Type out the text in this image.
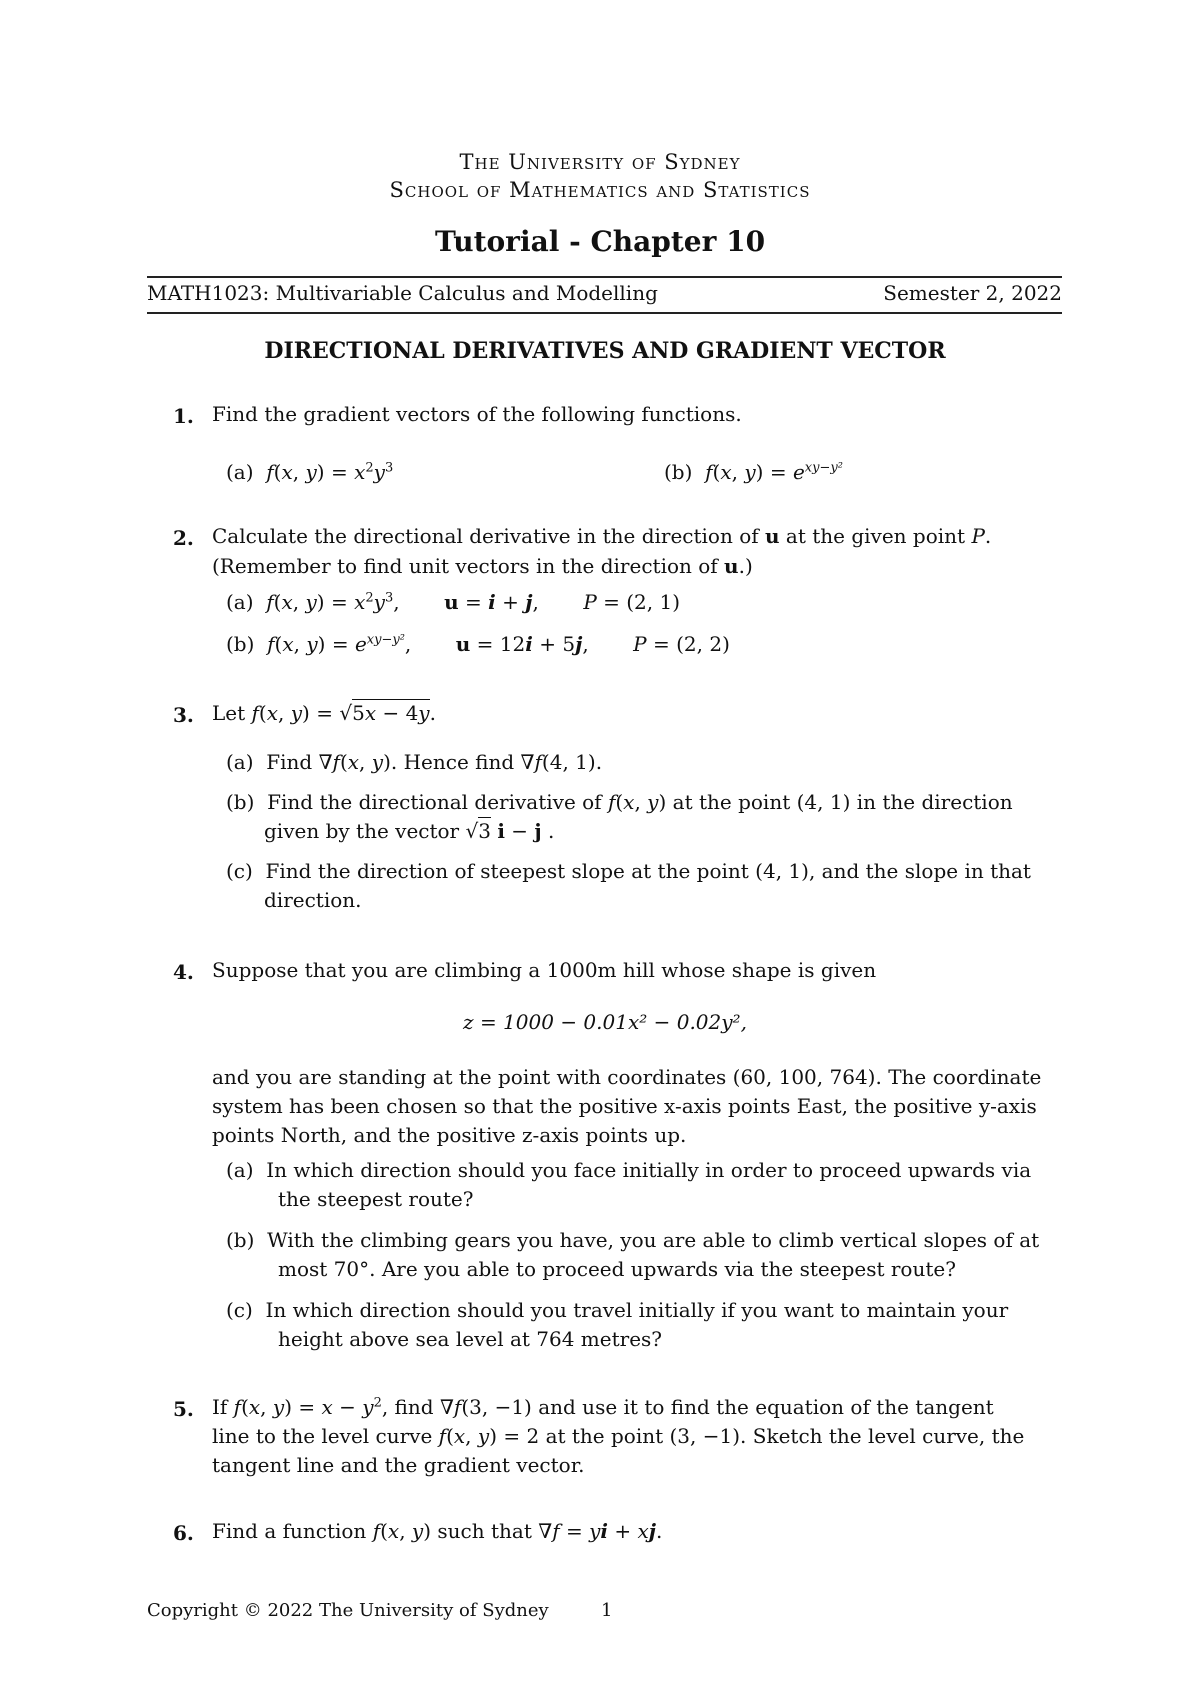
The University of Sydney
School of Mathematics and Statistics
Tutorial - Chapter 10
MATH1023: Multivariable Calculus and Modelling	Semester 2, 2022
DIRECTIONAL DERIVATIVES AND GRADIENT VECTOR
1. Find the gradient vectors of the following functions.
(a) f(x, $y) = x^2y^3$	(b) f(x, $y) = e^{xy-y^2}$
2. Calculate the directional derivative in the direction of u at the given point P.
(Remember to find unit vectors in the direction of u.)
(a) f(x, $y) = x^2y^3$,       u = i + j,       P = (2, 1)
(b) f(x, $y) = e^{xy-y^2}$,       u = 12i + 5j,       P = (2, 2)
3. Let f(x, y) = √5x − 4y.
(a) Find ∇f(x, y). Hence find ∇f(4, 1).
(b) Find the directional derivative of f(x, y) at the point (4, 1) in the direction
given by the vector √3 i − j .
(c) Find the direction of steepest slope at the point (4, 1), and the slope in that
direction.
4. Suppose that you are climbing a 1000m hill whose shape is given
z = 1000 − 0.01x² − 0.02y²,
and you are standing at the point with coordinates (60, 100, 764). The coordinate
system has been chosen so that the positive x-axis points East, the positive y-axis
points North, and the positive z-axis points up.
(a) In which direction should you face initially in order to proceed upwards via
the steepest route?
(b) With the climbing gears you have, you are able to climb vertical slopes of at
most 70°. Are you able to proceed upwards via the steepest route?
(c) In which direction should you travel initially if you want to maintain your
height above sea level at 764 metres?
5. If f(x, $y) = x - y^2$, find ∇f(3, −1) and use it to find the equation of the tangent
line to the level curve f(x, y) = 2 at the point (3, −1). Sketch the level curve, the
tangent line and the gradient vector.
6. Find a function f(x, y) such that ∇f = yi + xj.
Copyright © 2022 The University of Sydney	1
